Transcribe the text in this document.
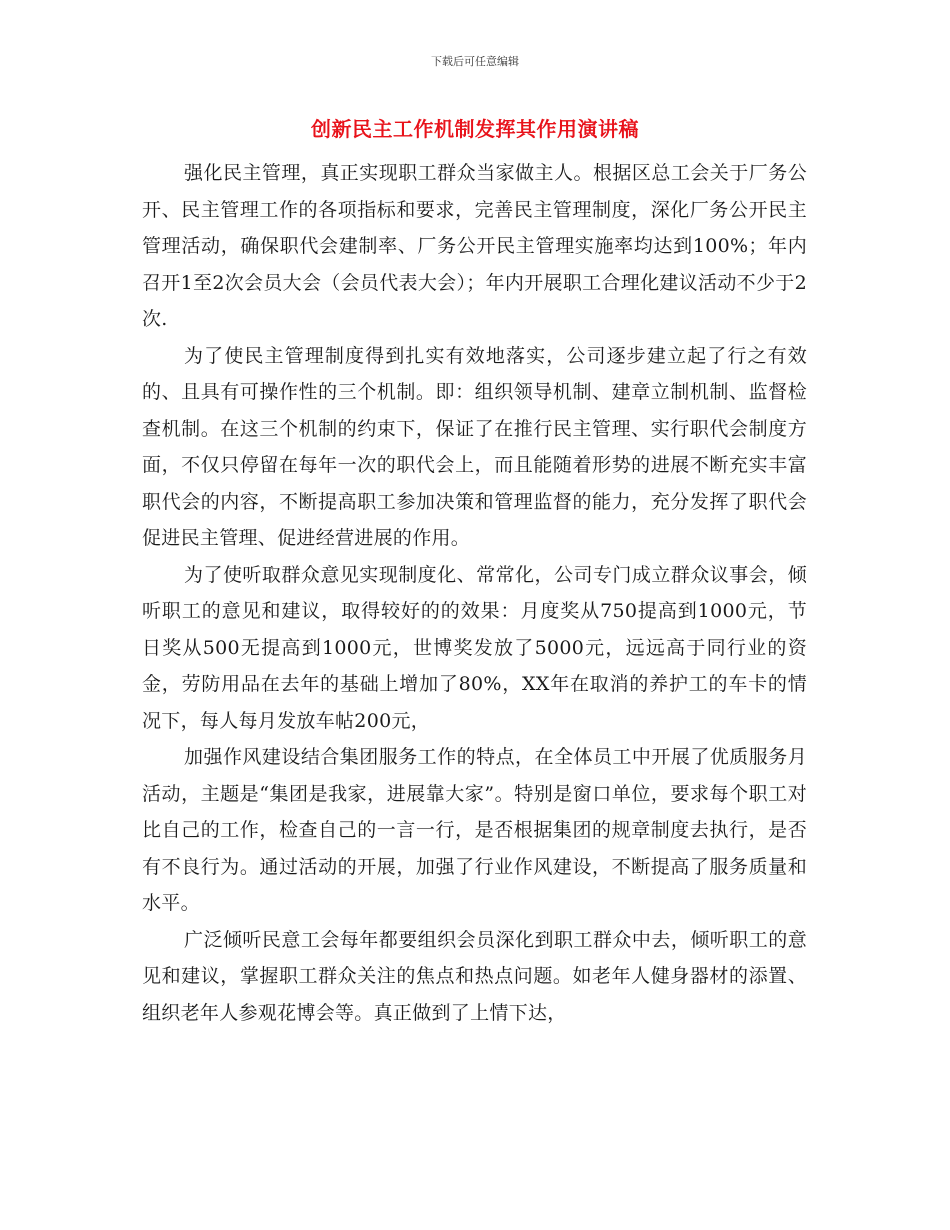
下载后可任意编辑
创新民主工作机制发挥其作用演讲稿

强化民主管理，真正实现职工群众当家做主人。根据区总工会关于厂务公开、民主管理工作的各项指标和要求，完善民主管理制度，深化厂务公开民主管理活动，确保职代会建制率、厂务公开民主管理实施率均达到100%；年内召开1至2次会员大会（会员代表大会）；年内开展职工合理化建议活动不少于2次.

为了使民主管理制度得到扎实有效地落实，公司逐步建立起了行之有效的、且具有可操作性的三个机制。即：组织领导机制、建章立制机制、监督检查机制。在这三个机制的约束下，保证了在推行民主管理、实行职代会制度方面，不仅只停留在每年一次的职代会上，而且能随着形势的进展不断充实丰富职代会的内容，不断提高职工参加决策和管理监督的能力，充分发挥了职代会促进民主管理、促进经营进展的作用。

为了使听取群众意见实现制度化、常常化，公司专门成立群众议事会，倾听职工的意见和建议，取得较好的的效果：月度奖从750提高到1000元，节日奖从500无提高到1000元，世博奖发放了5000元，远远高于同行业的资金，劳防用品在去年的基础上增加了80%，XX年在取消的养护工的车卡的情况下，每人每月发放车帖200元，

加强作风建设结合集团服务工作的特点，在全体员工中开展了优质服务月活动，主题是“集团是我家，进展靠大家”。特别是窗口单位，要求每个职工对比自己的工作，检查自己的一言一行，是否根据集团的规章制度去执行，是否有不良行为。通过活动的开展，加强了行业作风建设，不断提高了服务质量和水平。

广泛倾听民意工会每年都要组织会员深化到职工群众中去，倾听职工的意见和建议，掌握职工群众关注的焦点和热点问题。如老年人健身器材的添置、组织老年人参观花博会等。真正做到了上情下达，
